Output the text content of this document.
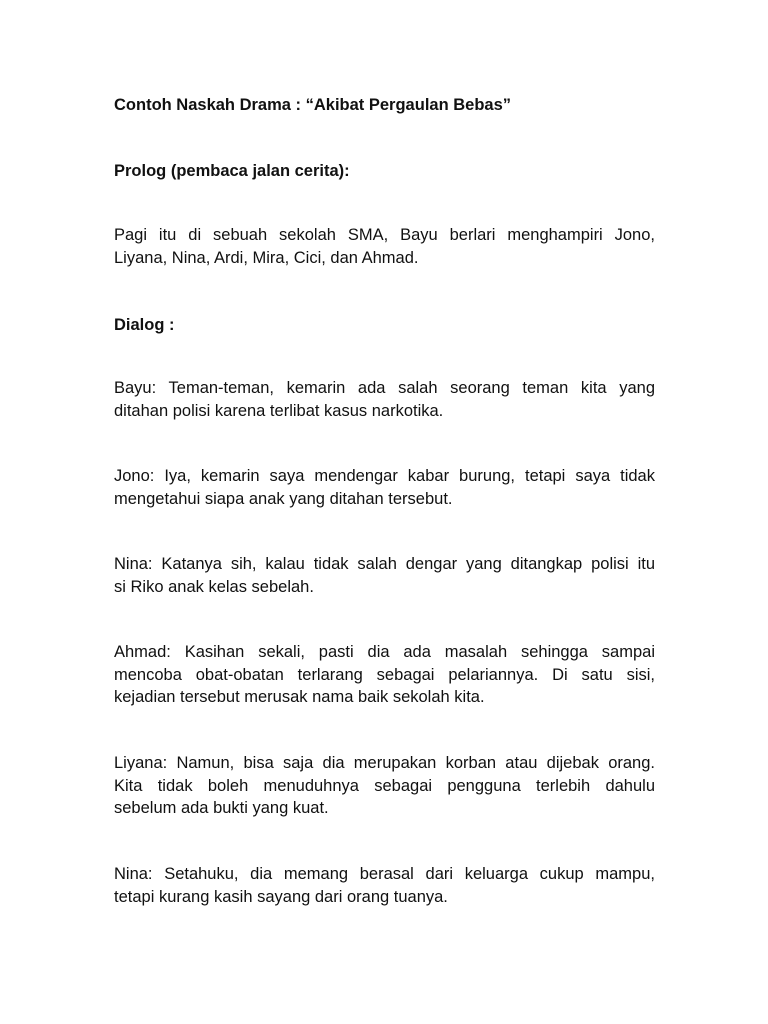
Contoh Naskah Drama : “Akibat Pergaulan Bebas”

Prolog (pembaca jalan cerita):

Pagi itu di sebuah sekolah SMA, Bayu berlari menghampiri Jono,
Liyana, Nina, Ardi, Mira, Cici, dan Ahmad.

Dialog :

Bayu: Teman-teman, kemarin ada salah seorang teman kita yang
ditahan polisi karena terlibat kasus narkotika.

Jono: Iya, kemarin saya mendengar kabar burung, tetapi saya tidak
mengetahui siapa anak yang ditahan tersebut.

Nina: Katanya sih, kalau tidak salah dengar yang ditangkap polisi itu
si Riko anak kelas sebelah.

Ahmad: Kasihan sekali, pasti dia ada masalah sehingga sampai
mencoba obat-obatan terlarang sebagai pelariannya. Di satu sisi,
kejadian tersebut merusak nama baik sekolah kita.

Liyana: Namun, bisa saja dia merupakan korban atau dijebak orang.
Kita tidak boleh menuduhnya sebagai pengguna terlebih dahulu
sebelum ada bukti yang kuat.

Nina: Setahuku, dia memang berasal dari keluarga cukup mampu,
tetapi kurang kasih sayang dari orang tuanya.
